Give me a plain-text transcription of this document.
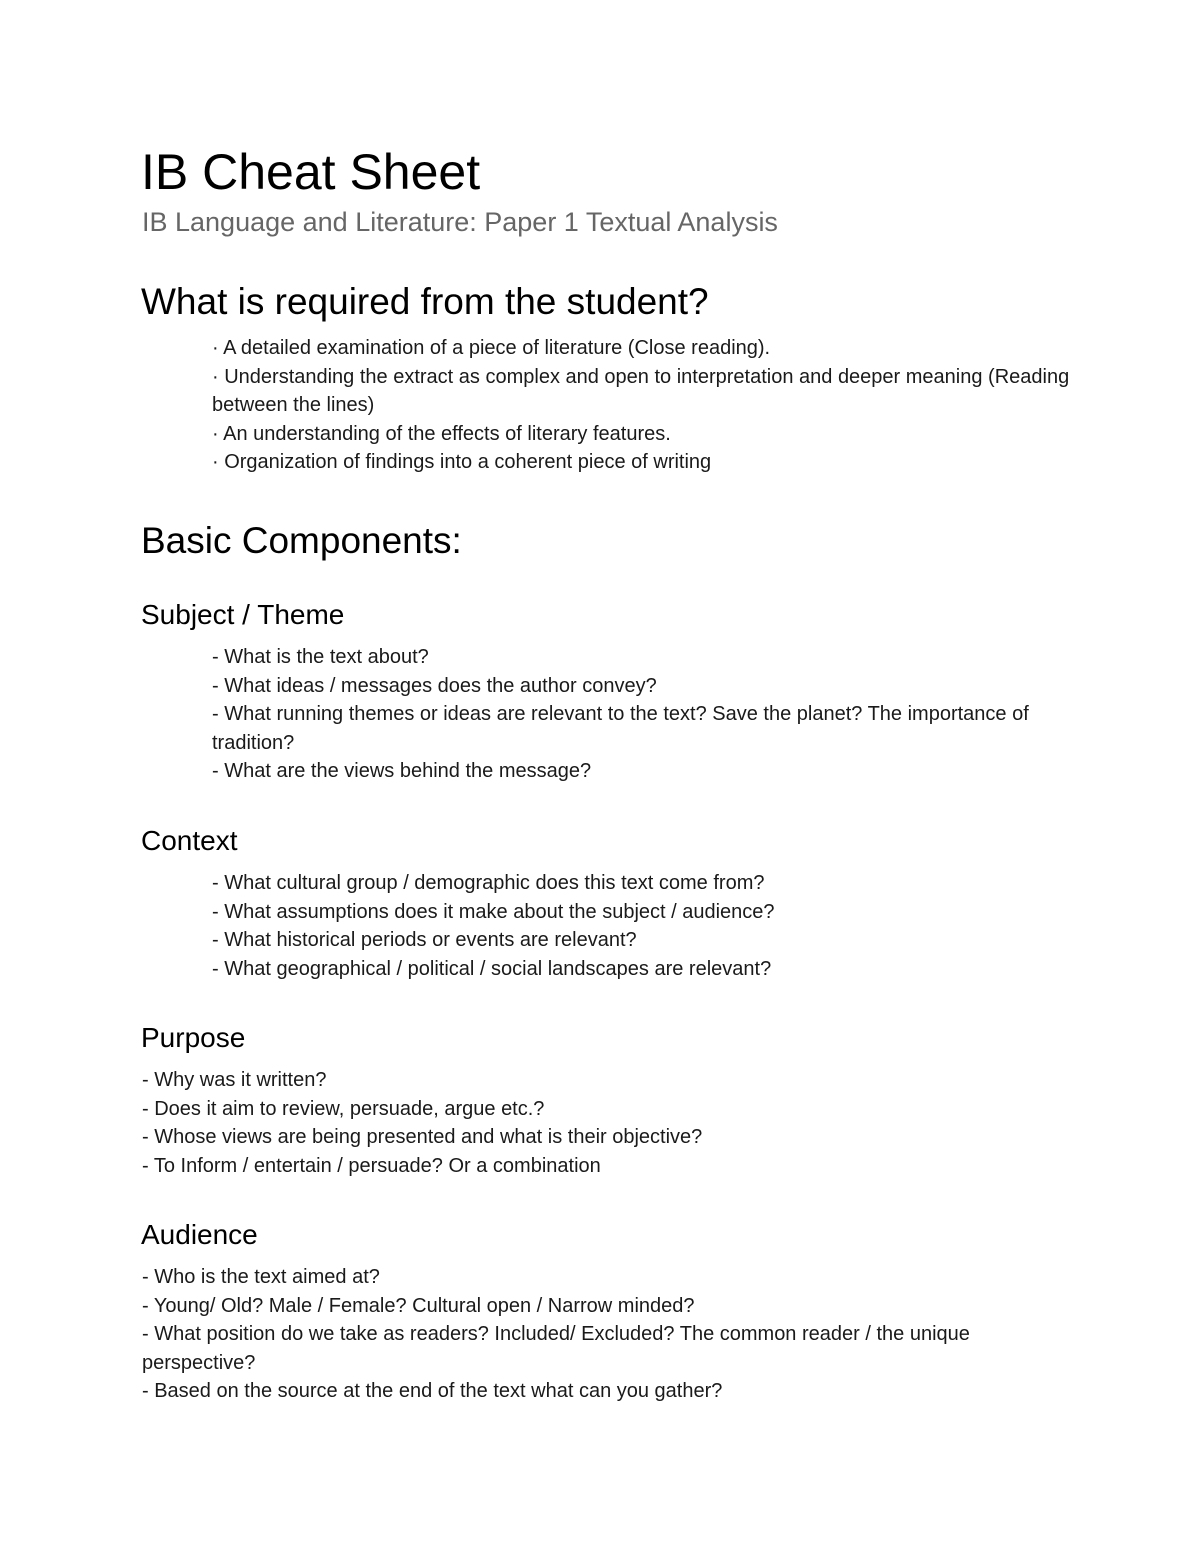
IB Cheat Sheet
IB Language and Literature: Paper 1 Textual Analysis
What is required from the student?
· A detailed examination of a piece of literature (Close reading).
· Understanding the extract as complex and open to interpretation and deeper meaning (Reading between the lines)
· An understanding of the effects of literary features.
· Organization of findings into a coherent piece of writing
Basic Components:
Subject / Theme
- What is the text about?
- What ideas / messages does the author convey?
- What running themes or ideas are relevant to the text? Save the planet? The importance of tradition?
- What are the views behind the message?
Context
- What cultural group / demographic does this text come from?
- What assumptions does it make about the subject / audience?
- What historical periods or events are relevant?
- What geographical / political / social landscapes are relevant?
Purpose
- Why was it written?
- Does it aim to review, persuade, argue etc.?
- Whose views are being presented and what is their objective?
- To Inform / entertain / persuade? Or a combination
Audience
- Who is the text aimed at?
- Young/ Old? Male / Female? Cultural open / Narrow minded?
- What position do we take as readers? Included/ Excluded? The common reader / the unique perspective?
- Based on the source at the end of the text what can you gather?
